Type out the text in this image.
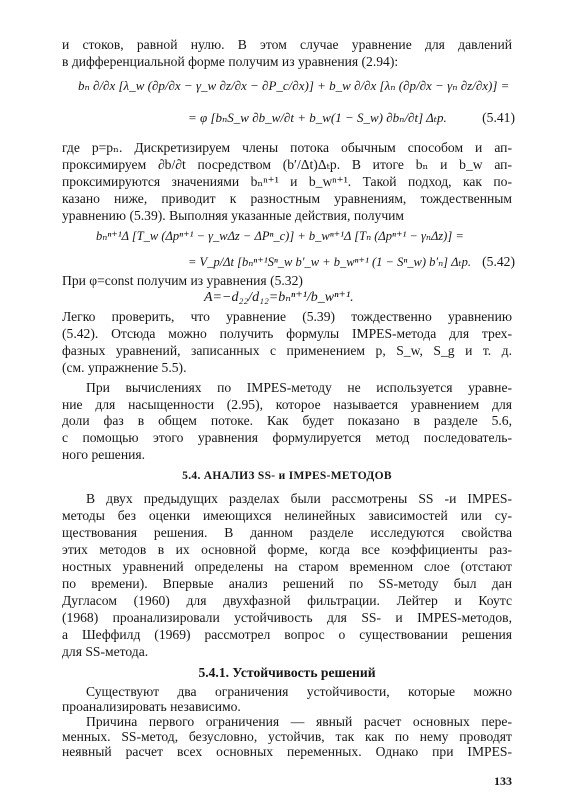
и стоков, равной нулю. В этом случае уравнение для давлений
в дифференциальной форме получим из уравнения (2.94):
bₙ ∂/∂x [λ_w (∂p/∂x − γ_w ∂z/∂x − ∂P_c/∂x)] + b_w ∂/∂x [λₙ (∂p/∂x − γₙ ∂z/∂x)] =
= φ [bₙS_w ∂b_w/∂t + b_w(1 − S_w) ∂bₙ/∂t] Δₜp.	(5.41)
где p=pₙ. Дискретизируем члены потока обычным способом и ап-
проксимируем ∂b/∂t посредством (b′/Δt)Δₜp. В итоге bₙ и b_w ап-
проксимируются значениями bₙⁿ⁺¹ и b_wⁿ⁺¹. Такой подход, как по-
казано ниже, приводит к разностным уравнениям, тождественным
уравнению (5.39). Выполняя указанные действия, получим
bₙⁿ⁺¹Δ [T_w (Δpⁿ⁺¹ − γ_wΔz − ΔPⁿ_c)] + b_wⁿ⁺¹Δ [Tₙ (Δpⁿ⁺¹ − γₙΔz)] =
= V_p/Δt [bₙⁿ⁺¹Sⁿ_w b′_w + b_wⁿ⁺¹ (1 − Sⁿ_w) b′ₙ] Δₜp. (5.42)
При φ=const получим из уравнения (5.32)
A=−d₂₂/d₁₂=bₙⁿ⁺¹/b_wⁿ⁺¹.
Легко проверить, что уравнение (5.39) тождественно уравнению
(5.42). Отсюда можно получить формулы IMPES-метода для трех-
фазных уравнений, записанных с применением p, S_w, S_g и т. д.
(см. упражнение 5.5).
При вычислениях по IMPES-методу не используется уравне-
ние для насыщенности (2.95), которое называется уравнением для
доли фаз в общем потоке. Как будет показано в разделе 5.6,
с помощью этого уравнения формулируется метод последователь-
ного решения.
5.4. АНАЛИЗ SS- и IMPES-МЕТОДОВ
В двух предыдущих разделах были рассмотрены SS -и IMPES-
методы без оценки имеющихся нелинейных зависимостей или су-
ществования решения. В данном разделе исследуются свойства
этих методов в их основной форме, когда все коэффициенты раз-
ностных уравнений определены на старом временном слое (отстают
по времени). Впервые анализ решений по SS-методу был дан
Дугласом (1960) для двухфазной фильтрации. Лейтер и Коутс
(1968) проанализировали устойчивость для SS- и IMPES-методов,
а Шеффилд (1969) рассмотрел вопрос о существовании решения
для SS-метода.
5.4.1. Устойчивость решений
Существуют два ограничения устойчивости, которые можно
проанализировать независимо.
Причина первого ограничения — явный расчет основных пере-
менных. SS-метод, безусловно, устойчив, так как по нему проводят
неявный расчет всех основных переменных. Однако при IMPES-
133
